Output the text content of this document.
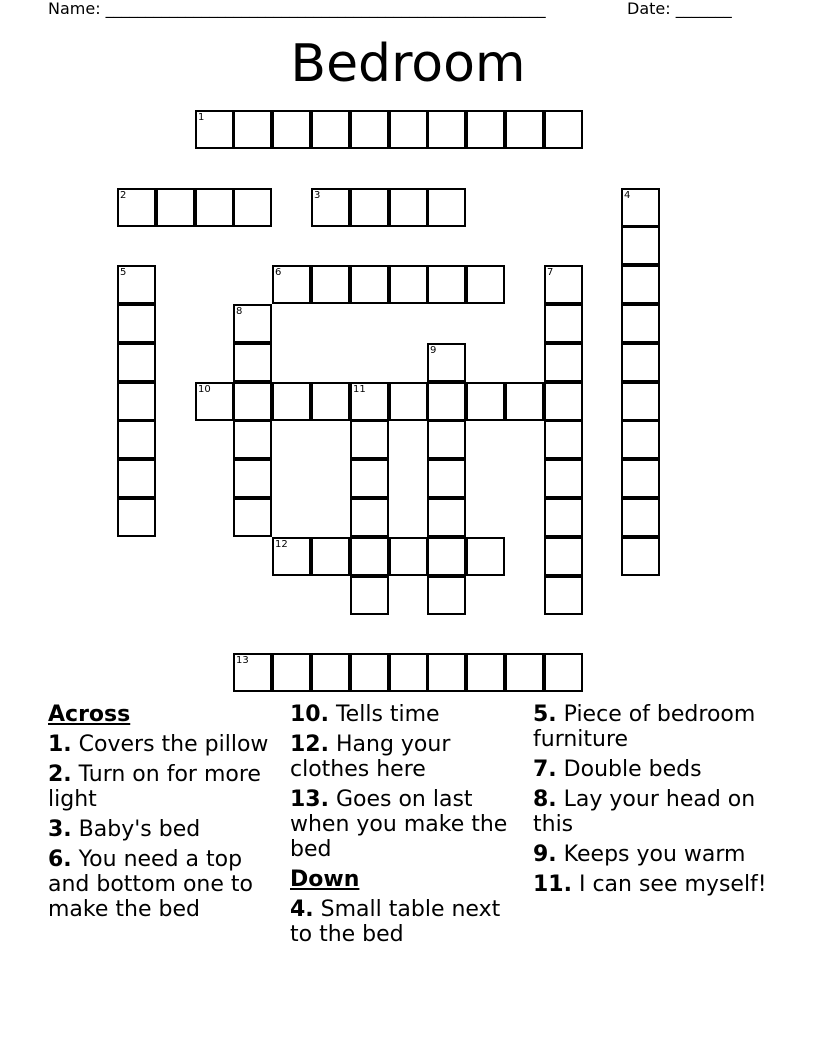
Name: _______________________________________________________	Date: _______
Bedroom
1
2	3	4
5	6	7
8
9
10	11
12
13
Across
1. Covers the pillow
2. Turn on for more light
3. Baby's bed
6. You need a top and bottom one to make the bed
10. Tells time
12. Hang your clothes here
13. Goes on last when you make the bed
Down
4. Small table next to the bed
5. Piece of bedroom furniture
7. Double beds
8. Lay your head on this
9. Keeps you warm
11. I can see myself!
